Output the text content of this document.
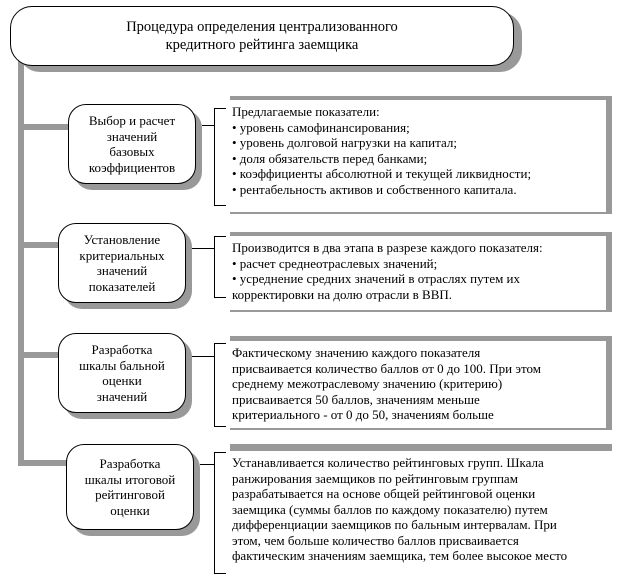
Процедура определения централизованного
кредитного рейтинга заемщика
Выбор и расчет
значений
базовых
коэффициентов
Предлагаемые показатели:
• уровень самофинансирования;
• уровень долговой нагрузки на капитал;
• доля обязательств перед банками;
• коэффициенты абсолютной и текущей ликвидности;
• рентабельность активов и собственного капитала.
Установление
критериальных
значений
показателей
Производится в два этапа в разрезе каждого показателя:
• расчет среднеотраслевых значений;
• усреднение средних значений в отраслях путем их
корректировки на долю отрасли в ВВП.
Разработка
шкалы бальной
оценки
значений
Фактическому значению каждого показателя
присваивается количество баллов от 0 до 100. При этом
среднему межотраслевому значению (критерию)
присваивается 50 баллов, значениям меньше
критериального - от 0 до 50, значениям больше
Разработка
шкалы итоговой
рейтинговой
оценки
Устанавливается количество рейтинговых групп. Шкала
ранжирования заемщиков по рейтинговым группам
разрабатывается на основе общей рейтинговой оценки
заемщика (суммы баллов по каждому показателю) путем
дифференциации заемщиков по бальным интервалам. При
этом, чем больше количество баллов присваивается
фактическим значениям заемщика, тем более высокое место
